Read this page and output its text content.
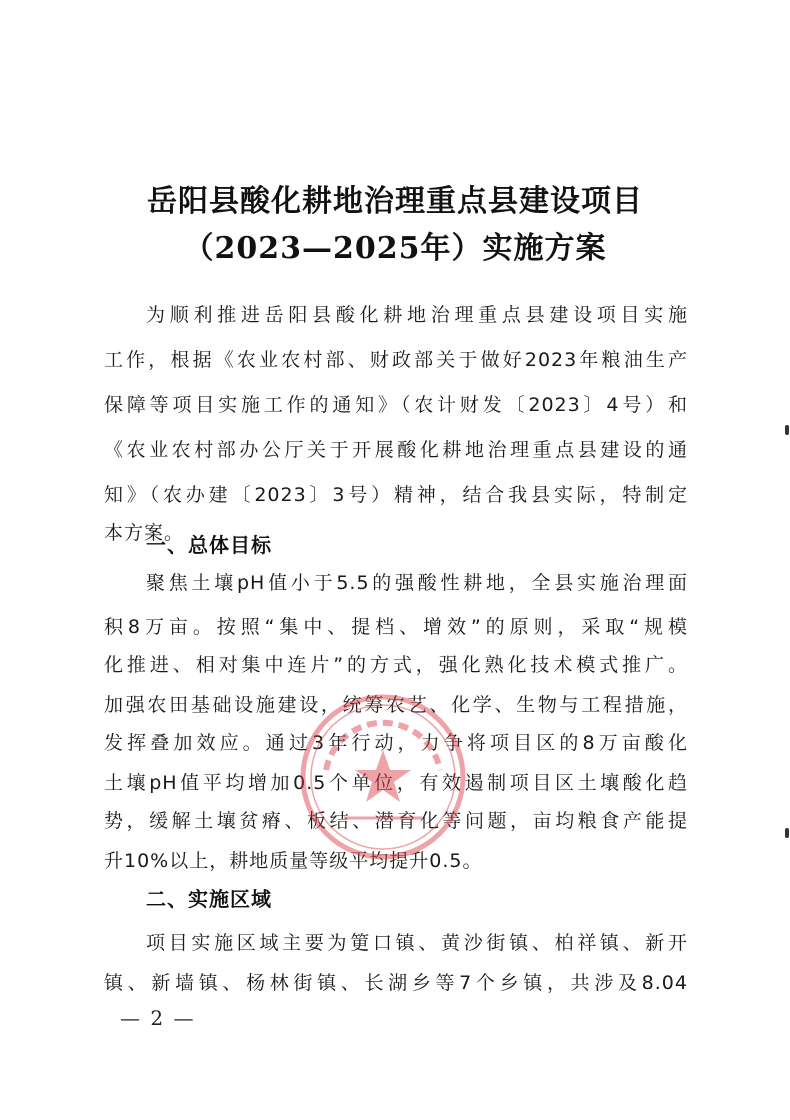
岳阳县酸化耕地治理重点县建设项目
（2023—2025年）实施方案
为顺利推进岳阳县酸化耕地治理重点县建设项目实施
工作，根据《农业农村部、财政部关于做好2023年粮油生产
保障等项目实施工作的通知》（农计财发〔2023〕4号）和
《农业农村部办公厅关于开展酸化耕地治理重点县建设的通
知》（农办建〔2023〕3号）精神，结合我县实际，特制定
本方案。
一、总体目标
聚焦土壤pH值小于5.5的强酸性耕地，全县实施治理面
积8万亩。按照“集中、提档、增效”的原则，采取“规模
化推进、相对集中连片”的方式，强化熟化技术模式推广。
加强农田基础设施建设，统筹农艺、化学、生物与工程措施，
发挥叠加效应。通过3年行动，力争将项目区的8万亩酸化
土壤pH值平均增加0.5个单位，有效遏制项目区土壤酸化趋
势，缓解土壤贫瘠、板结、潜育化等问题，亩均粮食产能提
升10%以上，耕地质量等级平均提升0.5。
二、实施区域
— 2 —
项目实施区域主要为筻口镇、黄沙街镇、柏祥镇、新开
镇、新墙镇、杨林街镇、长湖乡等7个乡镇，共涉及8.04
